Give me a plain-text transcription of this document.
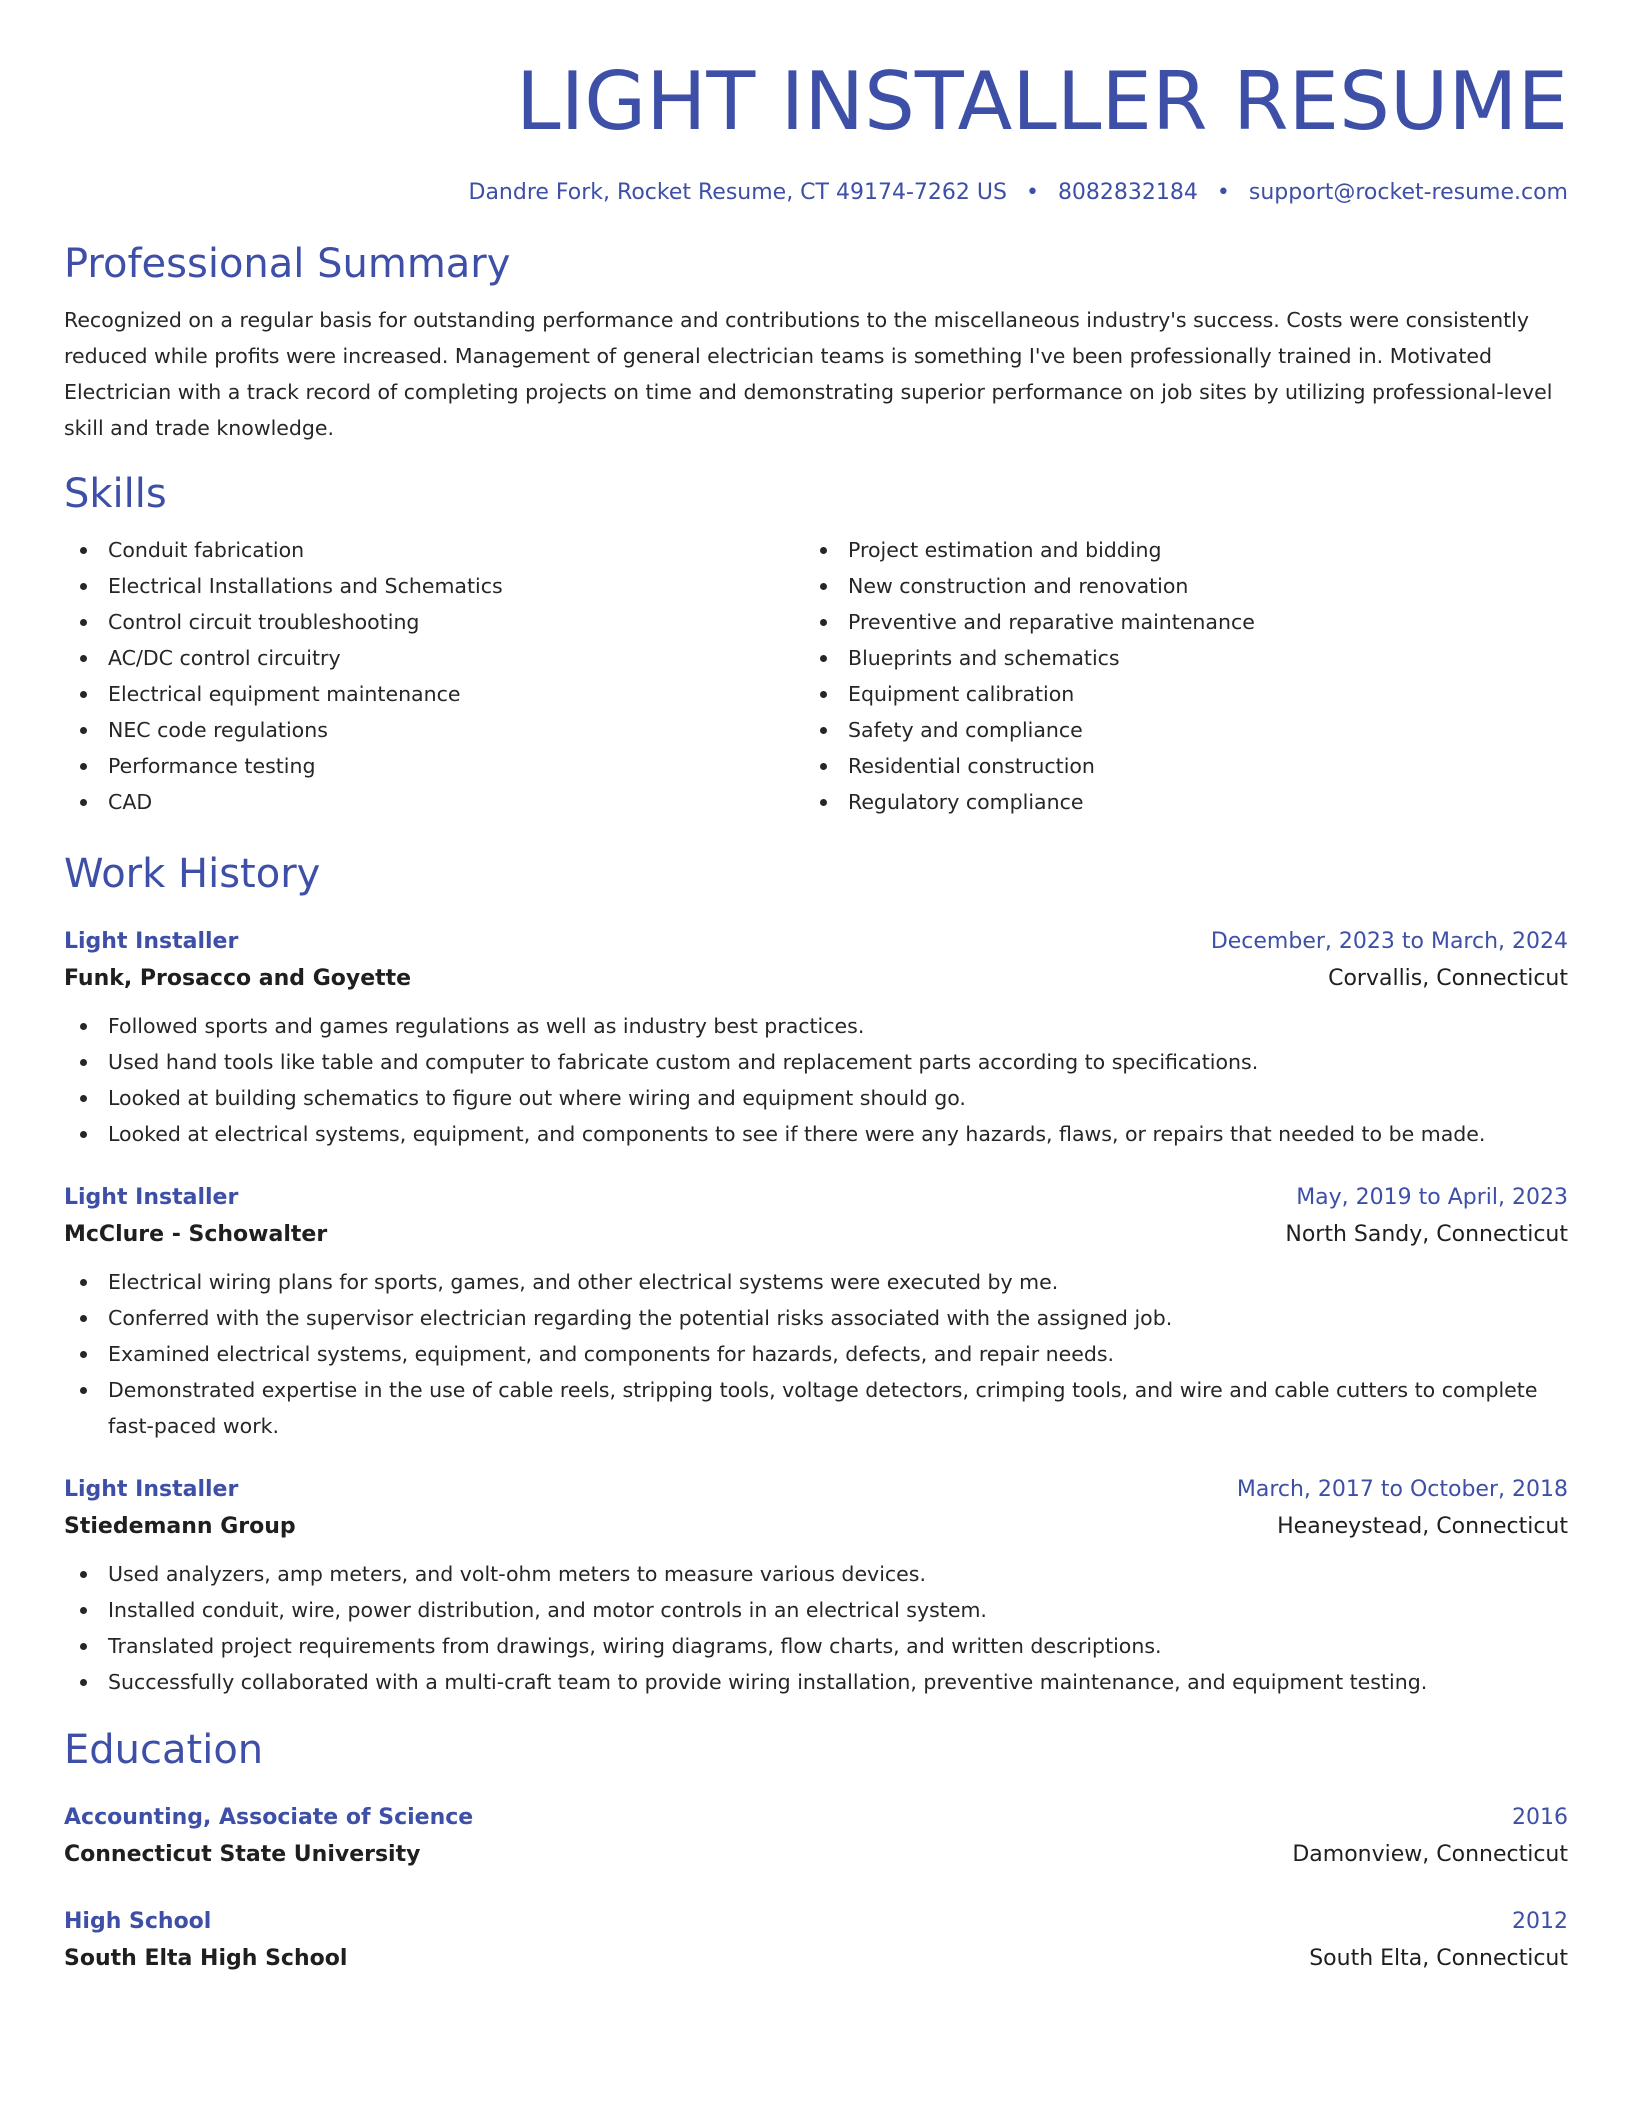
LIGHT INSTALLER RESUME
Dandre Fork, Rocket Resume, CT 49174-7262 US • 8082832184 • support@rocket-resume.com
Professional Summary
Recognized on a regular basis for outstanding performance and contributions to the miscellaneous industry's success. Costs were consistently reduced while profits were increased. Management of general electrician teams is something I've been professionally trained in. Motivated Electrician with a track record of completing projects on time and demonstrating superior performance on job sites by utilizing professional-level skill and trade knowledge.
Skills
Conduit fabrication
Electrical Installations and Schematics
Control circuit troubleshooting
AC/DC control circuitry
Electrical equipment maintenance
NEC code regulations
Performance testing
CAD
Project estimation and bidding
New construction and renovation
Preventive and reparative maintenance
Blueprints and schematics
Equipment calibration
Safety and compliance
Residential construction
Regulatory compliance
Work History
Light Installer	December, 2023 to March, 2024
Funk, Prosacco and Goyette	Corvallis, Connecticut
Followed sports and games regulations as well as industry best practices.
Used hand tools like table and computer to fabricate custom and replacement parts according to specifications.
Looked at building schematics to figure out where wiring and equipment should go.
Looked at electrical systems, equipment, and components to see if there were any hazards, flaws, or repairs that needed to be made.
Light Installer	May, 2019 to April, 2023
McClure - Schowalter	North Sandy, Connecticut
Electrical wiring plans for sports, games, and other electrical systems were executed by me.
Conferred with the supervisor electrician regarding the potential risks associated with the assigned job.
Examined electrical systems, equipment, and components for hazards, defects, and repair needs.
Demonstrated expertise in the use of cable reels, stripping tools, voltage detectors, crimping tools, and wire and cable cutters to complete fast-paced work.
Light Installer	March, 2017 to October, 2018
Stiedemann Group	Heaneystead, Connecticut
Used analyzers, amp meters, and volt-ohm meters to measure various devices.
Installed conduit, wire, power distribution, and motor controls in an electrical system.
Translated project requirements from drawings, wiring diagrams, flow charts, and written descriptions.
Successfully collaborated with a multi-craft team to provide wiring installation, preventive maintenance, and equipment testing.
Education
Accounting, Associate of Science	2016
Connecticut State University	Damonview, Connecticut
High School	2012
South Elta High School	South Elta, Connecticut
